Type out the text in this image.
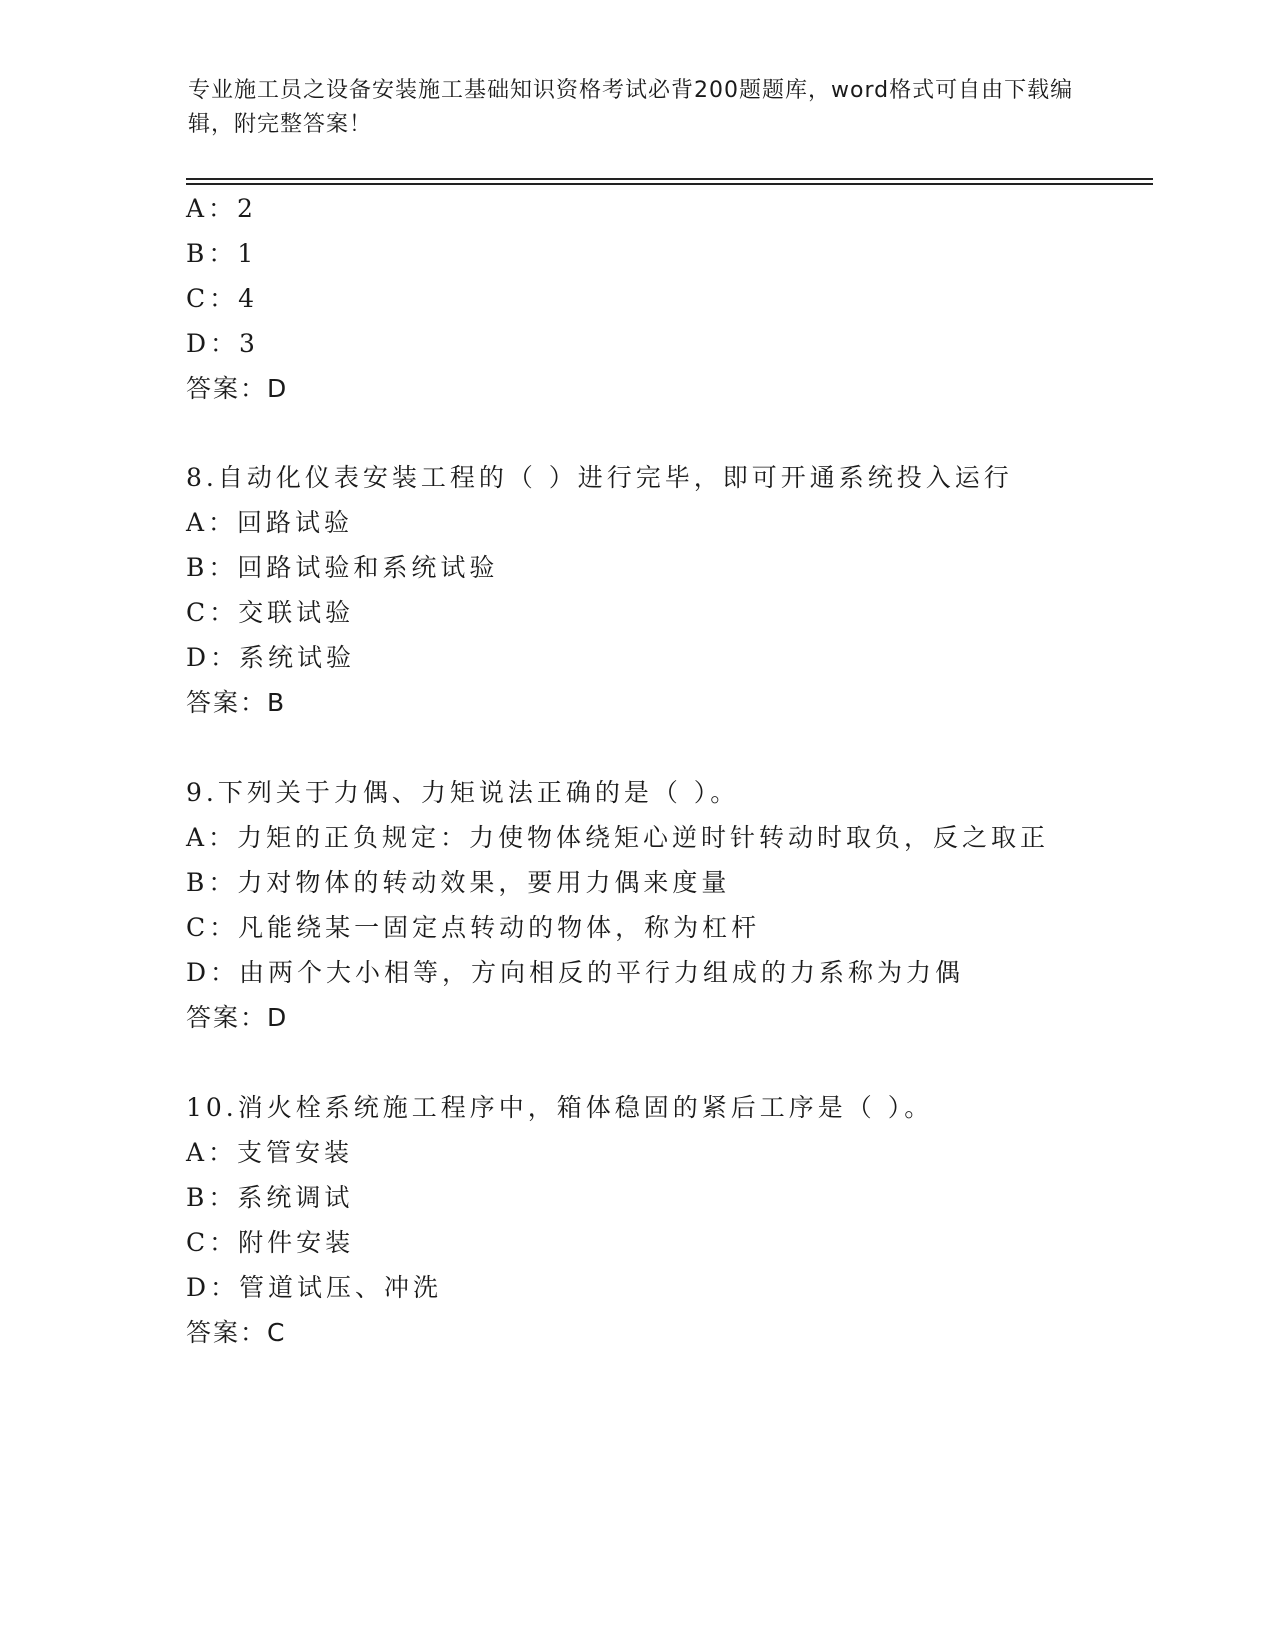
专业施工员之设备安装施工基础知识资格考试必背200题题库，word格式可自由下载编辑，附完整答案！

A：2

B：1

C：4

D：3

答案：D

8.自动化仪表安装工程的（ ）进行完毕，即可开通系统投入运行

A：回路试验

B：回路试验和系统试验

C：交联试验

D：系统试验

答案：B

9.下列关于力偶、力矩说法正确的是（ ）。

A：力矩的正负规定：力使物体绕矩心逆时针转动时取负，反之取正

B：力对物体的转动效果，要用力偶来度量

C：凡能绕某一固定点转动的物体，称为杠杆

D：由两个大小相等，方向相反的平行力组成的力系称为力偶

答案：D

10.消火栓系统施工程序中，箱体稳固的紧后工序是（ ）。

A：支管安装

B：系统调试

C：附件安装

D：管道试压、冲洗

答案：C
